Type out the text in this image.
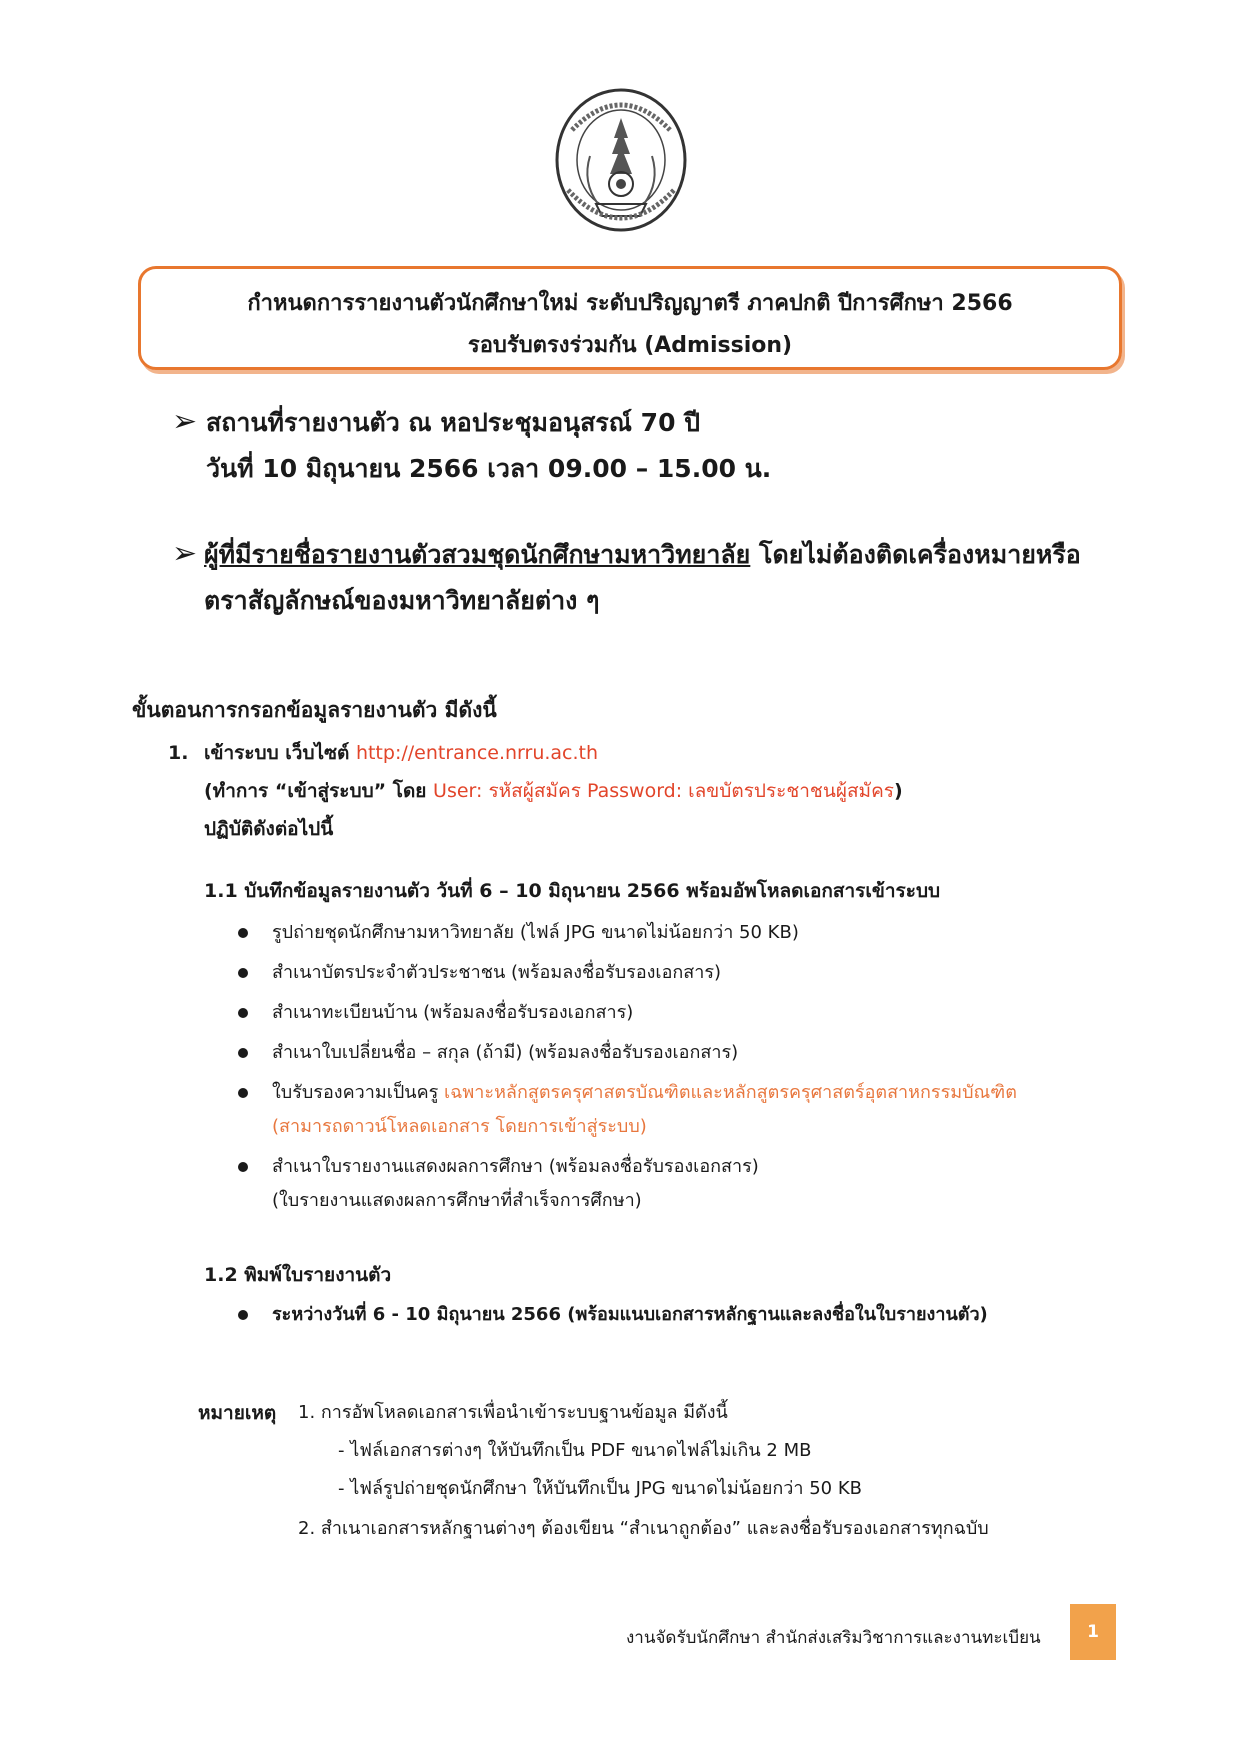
กำหนดการรายงานตัวนักศึกษาใหม่ ระดับปริญญาตรี ภาคปกติ ปีการศึกษา 2566
รอบรับตรงร่วมกัน (Admission)
➢ สถานที่รายงานตัว ณ หอประชุมอนุสรณ์ 70 ปี
วันที่ 10 มิถุนายน 2566 เวลา 09.00 – 15.00 น.
➢ ผู้ที่มีรายชื่อรายงานตัวสวมชุดนักศึกษามหาวิทยาลัย โดยไม่ต้องติดเครื่องหมายหรือ
ตราสัญลักษณ์ของมหาวิทยาลัยต่าง ๆ
ขั้นตอนการกรอกข้อมูลรายงานตัว มีดังนี้
1. เข้าระบบ เว็บไซต์ http://entrance.nrru.ac.th
(ทำการ “เข้าสู่ระบบ” โดย User: รหัสผู้สมัคร Password: เลขบัตรประชาชนผู้สมัคร)
ปฏิบัติดังต่อไปนี้
1.1 บันทึกข้อมูลรายงานตัว วันที่ 6 – 10 มิถุนายน 2566 พร้อมอัพโหลดเอกสารเข้าระบบ
รูปถ่ายชุดนักศึกษามหาวิทยาลัย (ไฟล์ JPG ขนาดไม่น้อยกว่า 50 KB)
สำเนาบัตรประจำตัวประชาชน (พร้อมลงชื่อรับรองเอกสาร)
สำเนาทะเบียนบ้าน (พร้อมลงชื่อรับรองเอกสาร)
สำเนาใบเปลี่ยนชื่อ – สกุล (ถ้ามี) (พร้อมลงชื่อรับรองเอกสาร)
ใบรับรองความเป็นครู เฉพาะหลักสูตรครุศาสตรบัณฑิตและหลักสูตรครุศาสตร์อุตสาหกรรมบัณฑิต
(สามารถดาวน์โหลดเอกสาร โดยการเข้าสู่ระบบ)
สำเนาใบรายงานแสดงผลการศึกษา (พร้อมลงชื่อรับรองเอกสาร)
(ใบรายงานแสดงผลการศึกษาที่สำเร็จการศึกษา)
1.2 พิมพ์ใบรายงานตัว
ระหว่างวันที่ 6 - 10 มิถุนายน 2566 (พร้อมแนบเอกสารหลักฐานและลงชื่อในใบรายงานตัว)
หมายเหตุ 1. การอัพโหลดเอกสารเพื่อนำเข้าระบบฐานข้อมูล มีดังนี้
- ไฟล์เอกสารต่างๆ ให้บันทึกเป็น PDF ขนาดไฟล์ไม่เกิน 2 MB
- ไฟล์รูปถ่ายชุดนักศึกษา ให้บันทึกเป็น JPG ขนาดไม่น้อยกว่า 50 KB
2. สำเนาเอกสารหลักฐานต่างๆ ต้องเขียน “สำเนาถูกต้อง” และลงชื่อรับรองเอกสารทุกฉบับ
งานจัดรับนักศึกษา สำนักส่งเสริมวิชาการและงานทะเบียน	1
